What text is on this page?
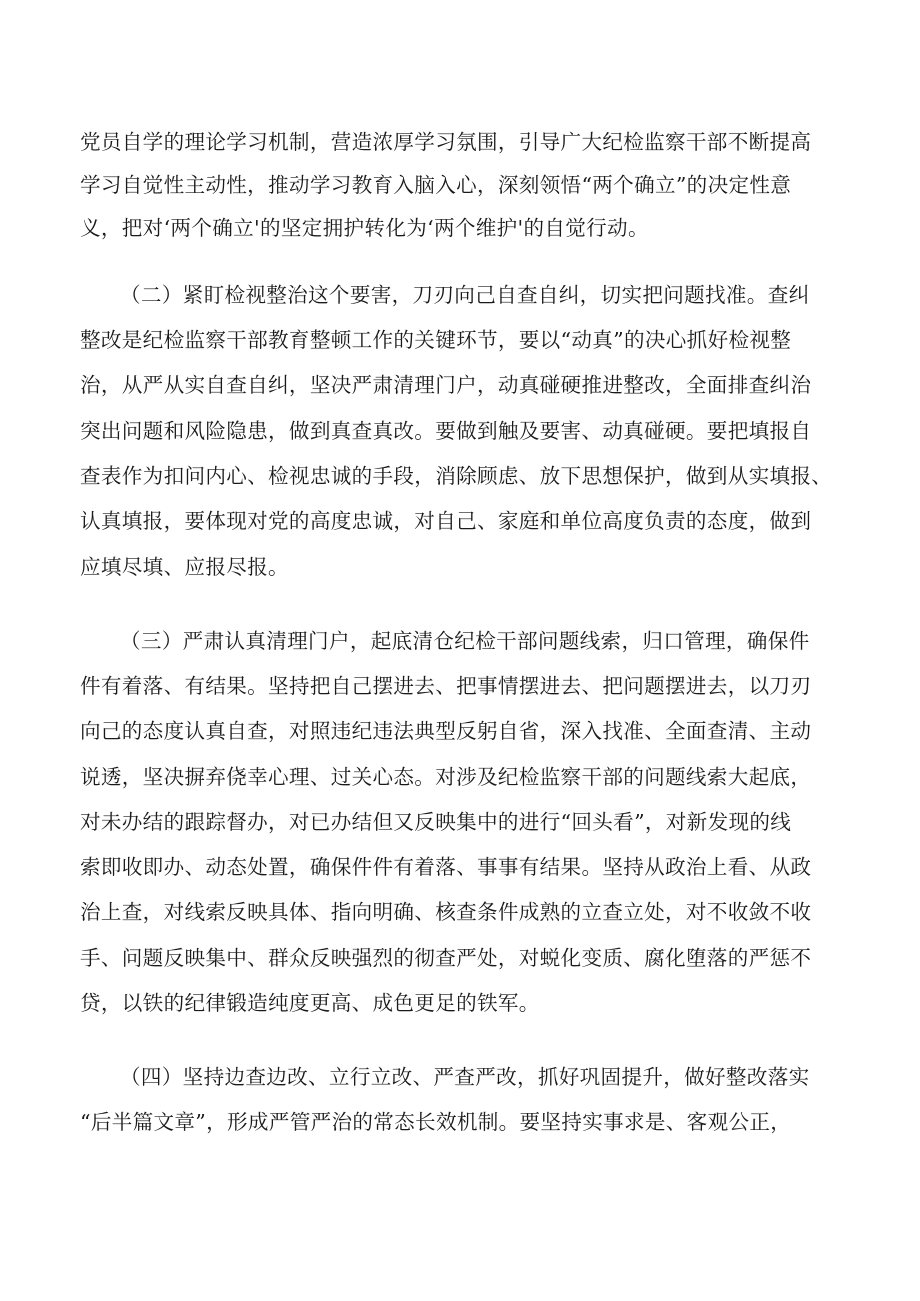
党员自学的理论学习机制，营造浓厚学习氛围，引导广大纪检监察干部不断提高
学习自觉性主动性，推动学习教育入脑入心，深刻领悟“两个确立”的决定性意
义，把对‘两个确立'的坚定拥护转化为‘两个维护'的自觉行动。
（二）紧盯检视整治这个要害，刀刃向己自查自纠，切实把问题找准。查纠
整改是纪检监察干部教育整顿工作的关键环节，要以“动真”的决心抓好检视整
治，从严从实自查自纠，坚决严肃清理门户，动真碰硬推进整改，全面排查纠治
突出问题和风险隐患，做到真查真改。要做到触及要害、动真碰硬。要把填报自
查表作为扣问内心、检视忠诚的手段，消除顾虑、放下思想保护，做到从实填报、
认真填报，要体现对党的高度忠诚，对自己、家庭和单位高度负责的态度，做到
应填尽填、应报尽报。
（三）严肃认真清理门户，起底清仓纪检干部问题线索，归口管理，确保件
件有着落、有结果。坚持把自己摆进去、把事情摆进去、把问题摆进去，以刀刃
向己的态度认真自查，对照违纪违法典型反躬自省，深入找准、全面查清、主动
说透，坚决摒弃侥幸心理、过关心态。对涉及纪检监察干部的问题线索大起底，
对未办结的跟踪督办，对已办结但又反映集中的进行“回头看”，对新发现的线
索即收即办、动态处置，确保件件有着落、事事有结果。坚持从政治上看、从政
治上查，对线索反映具体、指向明确、核查条件成熟的立查立处，对不收敛不收
手、问题反映集中、群众反映强烈的彻查严处，对蜕化变质、腐化堕落的严惩不
贷，以铁的纪律锻造纯度更高、成色更足的铁军。
（四）坚持边查边改、立行立改、严查严改，抓好巩固提升，做好整改落实
“后半篇文章”，形成严管严治的常态长效机制。要坚持实事求是、客观公正，
